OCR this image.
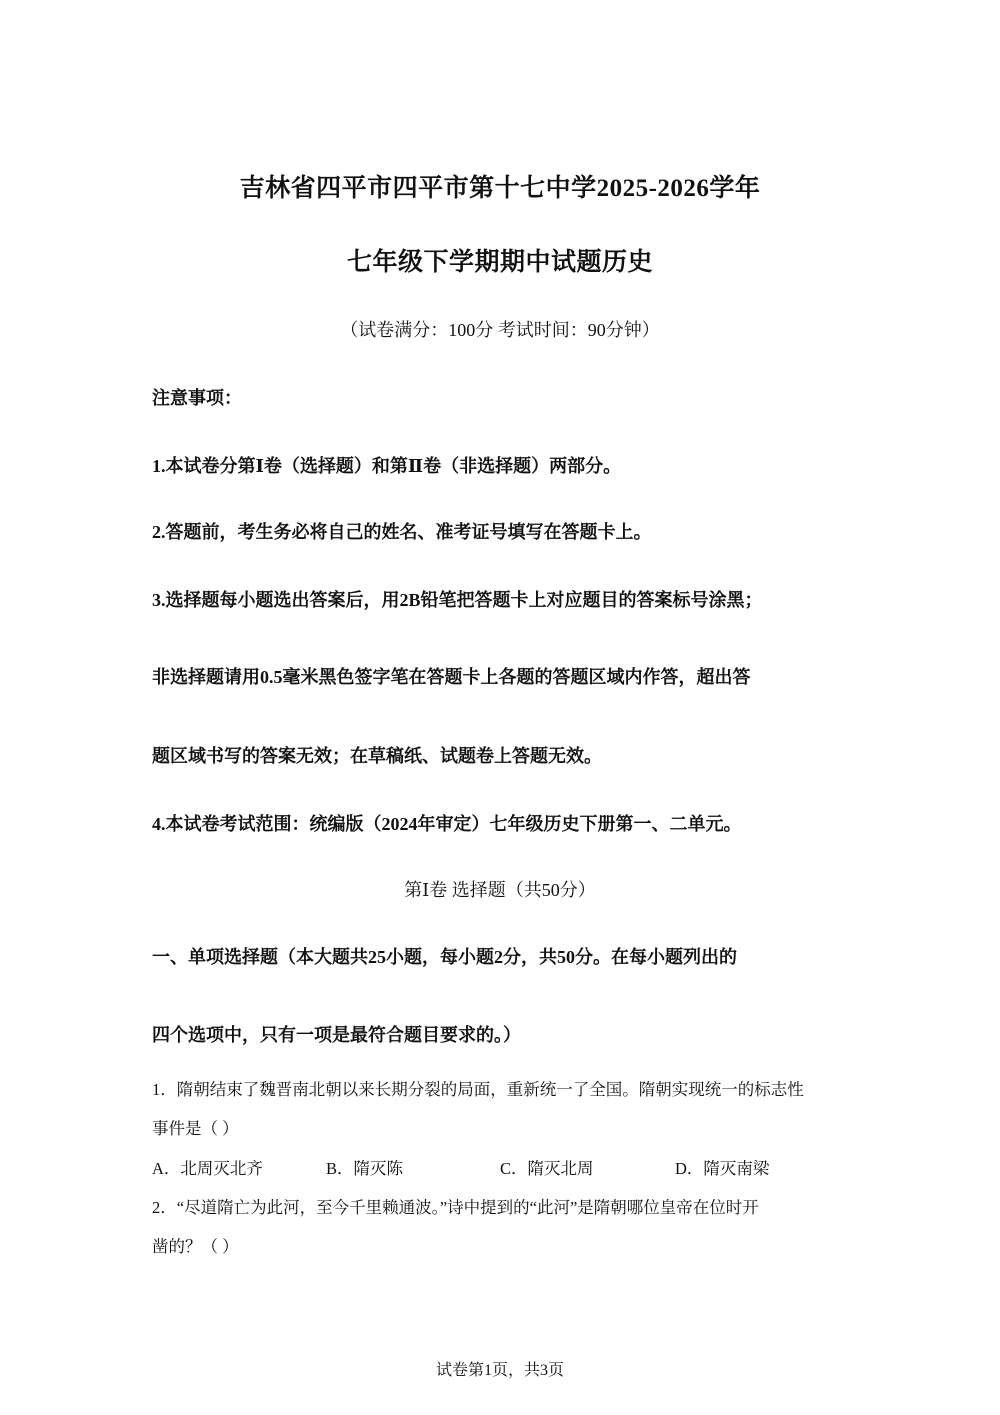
吉林省四平市四平市第十七中学2025-2026学年
七年级下学期期中试题历史
（试卷满分：100分 考试时间：90分钟）
注意事项：
1.本试卷分第Ⅰ卷（选择题）和第Ⅱ卷（非选择题）两部分。
2.答题前，考生务必将自己的姓名、准考证号填写在答题卡上。
3.选择题每小题选出答案后，用2B铅笔把答题卡上对应题目的答案标号涂黑；
非选择题请用0.5毫米黑色签字笔在答题卡上各题的答题区域内作答，超出答
题区域书写的答案无效；在草稿纸、试题卷上答题无效。
4.本试卷考试范围：统编版（2024年审定）七年级历史下册第一、二单元。
第Ⅰ卷 选择题（共50分）
一、单项选择题（本大题共25小题，每小题2分，共50分。在每小题列出的
四个选项中，只有一项是最符合题目要求的。）
1．隋朝结束了魏晋南北朝以来长期分裂的局面，重新统一了全国。隋朝实现统一的标志性
事件是（ ）
A．北周灭北齐	B．隋灭陈	C．隋灭北周	D．隋灭南梁
2．“尽道隋亡为此河，至今千里赖通波。”诗中提到的“此河”是隋朝哪位皇帝在位时开
凿的？（ ）
试卷第1页，共3页
